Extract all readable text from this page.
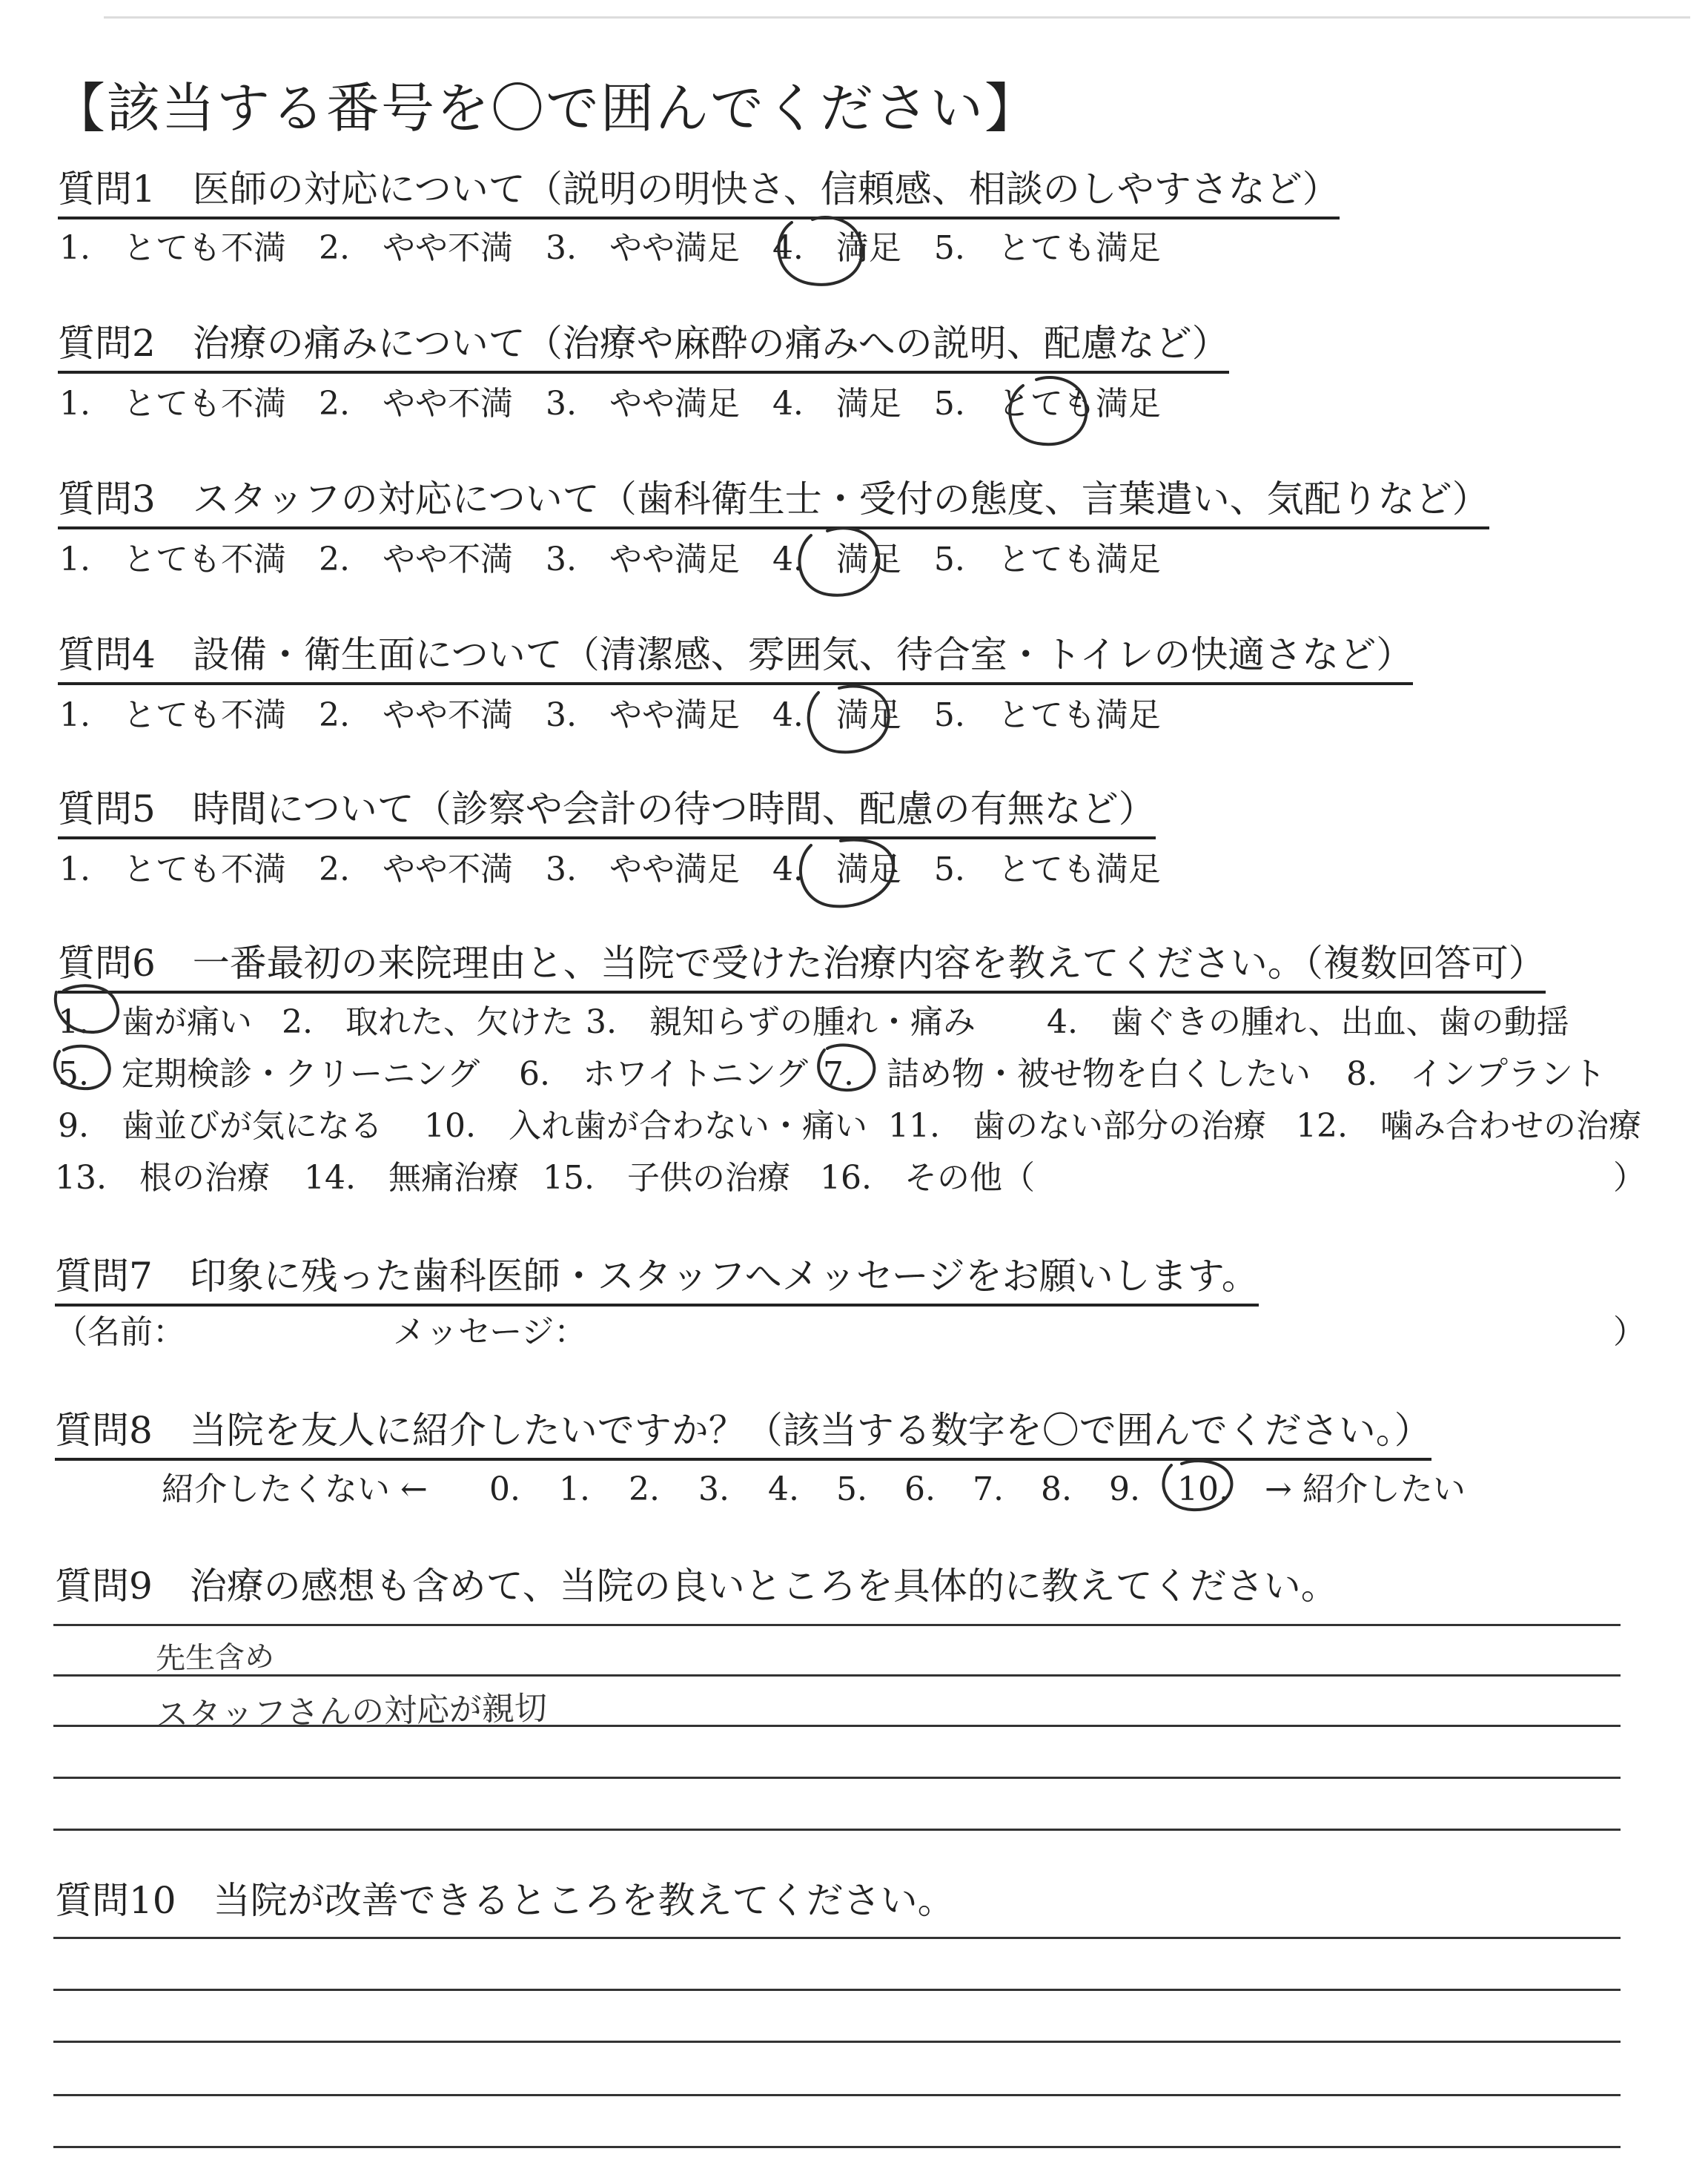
【該当する番号を〇で囲んでください】
質問1　医師の対応について（説明の明快さ、信頼感、相談のしやすさなど）
1.　とても不満　2.　やや不満　3.　やや満足　4.　満足　5.　とても満足
質問2　治療の痛みについて（治療や麻酔の痛みへの説明、配慮など）
1.　とても不満　2.　やや不満　3.　やや満足　4.　満足　5.　とても満足
質問3　スタッフの対応について（歯科衛生士・受付の態度、言葉遣い、気配りなど）
1.　とても不満　2.　やや不満　3.　やや満足　4.　満足　5.　とても満足
質問4　設備・衛生面について（清潔感、雰囲気、待合室・トイレの快適さなど）
1.　とても不満　2.　やや不満　3.　やや満足　4.　満足　5.　とても満足
質問5　時間について（診察や会計の待つ時間、配慮の有無など）
1.　とても不満　2.　やや不満　3.　やや満足　4.　満足　5.　とても満足
質問6　一番最初の来院理由と、当院で受けた治療内容を教えてください。（複数回答可）
1.　歯が痛い 2.　取れた、欠けた 3.　親知らずの腫れ・痛み 4.　歯ぐきの腫れ、出血、歯の動揺
5.　定期検診・クリーニング 6.　ホワイトニング 7.　詰め物・被せ物を白くしたい 8.　インプラント
9.　歯並びが気になる 10.　入れ歯が合わない・痛い 11.　歯のない部分の治療 12.　噛み合わせの治療
13.　根の治療 14.　無痛治療 15.　子供の治療 16.　その他（	）
質問7　印象に残った歯科医師・スタッフへメッセージをお願いします。
（名前：	メッセージ：	）
質問8　当院を友人に紹介したいですか？（該当する数字を〇で囲んでください。）
紹介したくない ← 0. 1. 2. 3. 4. 5. 6. 7. 8. 9. 10. → 紹介したい
質問9　治療の感想も含めて、当院の良いところを具体的に教えてください。
先生含め
スタッフさんの対応が親切
質問10　当院が改善できるところを教えてください。
